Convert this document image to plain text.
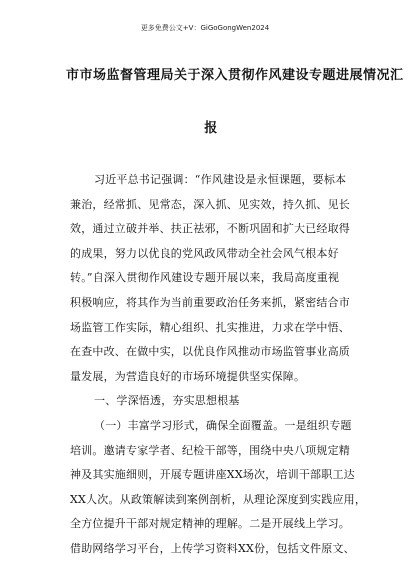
更多免费公文+V：GiGoGongWen2024
市市场监督管理局关于深入贯彻作风建设专题进展情况汇
报
习近平总书记强调：“作风建设是永恒课题，要标本
兼治，经常抓、见常态，深入抓、见实效，持久抓、见长
效，通过立破并举、扶正祛邪，不断巩固和扩大已经取得
的成果，努力以优良的党风政风带动全社会风气根本好
转。”自深入贯彻作风建设专题开展以来，我局高度重视
积极响应，将其作为当前重要政治任务来抓，紧密结合市
场监管工作实际，精心组织、扎实推进，力求在学中悟、
在查中改、在做中实，以优良作风推动市场监管事业高质
量发展，为营造良好的市场环境提供坚实保障。
一、学深悟透，夯实思想根基
（一）丰富学习形式，确保全面覆盖。一是组织专题
培训。邀请专家学者、纪检干部等，围绕中央八项规定精
神及其实施细则，开展专题讲座XX场次，培训干部职工达
XX人次。从政策解读到案例剖析，从理论深度到实践应用，
全方位提升干部对规定精神的理解。二是开展线上学习。
借助网络学习平台，上传学习资料XX份，包括文件原文、
